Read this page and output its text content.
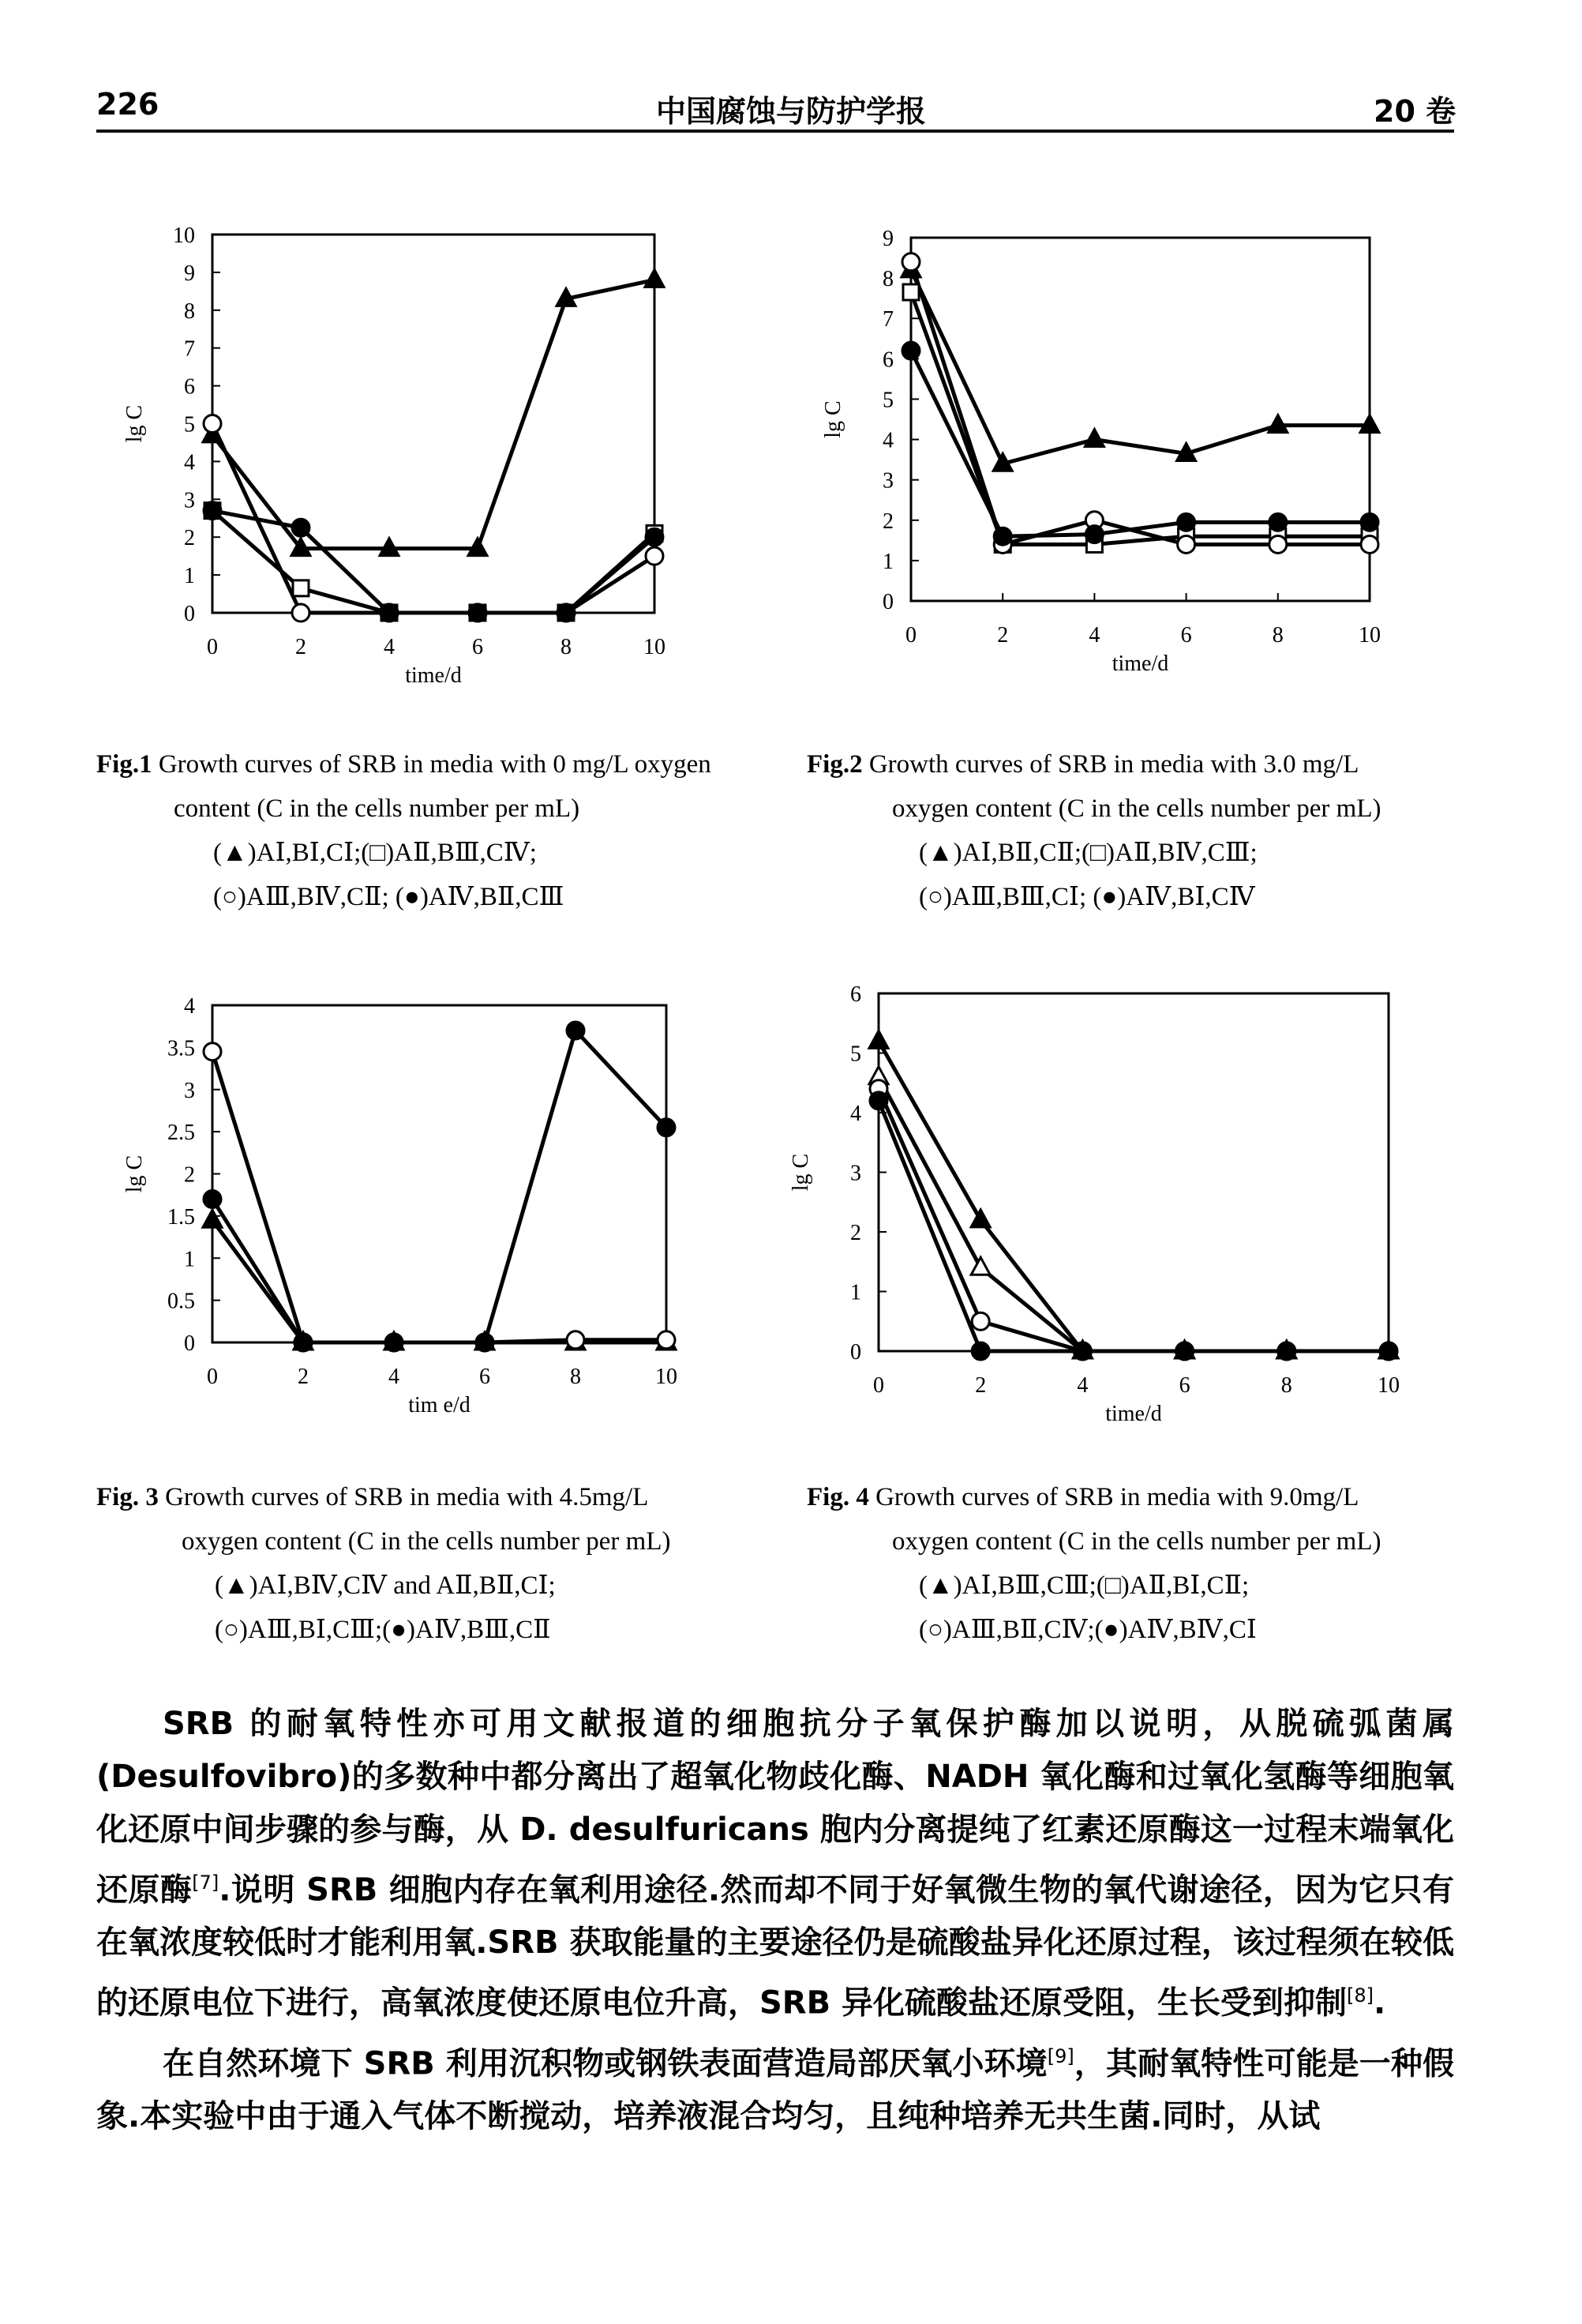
226	中国腐蚀与防护学报	20 卷
0
1
2
3
4
5
6
7
8
9
10
0	2	4	6	8	10
time/d
lg C
0
1
2
3
4
5
6
7
8
9
0	2	4	6	8	10
time/d
lg C
0
0.5
1
1.5
2
2.5
3
3.5
4
0	2	4	6	8	10
tim e/d
lg C
0
1
2
3
4
5
6
0	2	4	6	8	10
time/d
lg C
Fig.1 Growth curves of SRB in media with 0 mg/L oxygen
content (C in the cells number per mL)
(▲)AⅠ,BⅠ,CⅠ;(□)AⅡ,BⅢ,CⅣ;
(○)AⅢ,BⅣ,CⅡ; (●)AⅣ,BⅡ,CⅢ
Fig.2 Growth curves of SRB in media with 3.0 mg/L
oxygen content (C in the cells number per mL)
(▲)AⅠ,BⅡ,CⅡ;(□)AⅡ,BⅣ,CⅢ;
(○)AⅢ,BⅢ,CⅠ; (●)AⅣ,BⅠ,CⅣ
Fig. 3 Growth curves of SRB in media with 4.5mg/L
oxygen content (C in the cells number per mL)
(▲)AⅠ,BⅣ,CⅣ and AⅡ,BⅡ,CⅠ;
(○)AⅢ,BⅠ,CⅢ;(●)AⅣ,BⅢ,CⅡ
Fig. 4 Growth curves of SRB in media with 9.0mg/L
oxygen content (C in the cells number per mL)
(▲)AⅠ,BⅢ,CⅢ;(□)AⅡ,BⅠ,CⅡ;
(○)AⅢ,BⅡ,CⅣ;(●)AⅣ,BⅣ,CⅠ

SRB 的耐氧特性亦可用文献报道的细胞抗分子氧保护酶加以说明，从脱硫弧菌属(Desulfovibro)的多数种中都分离出了超氧化物歧化酶、NADH 氧化酶和过氧化氢酶等细胞氧化还原中间步骤的参与酶，从 D. desulfuricans 胞内分离提纯了红素还原酶这一过程末端氧化还原酶[7].说明 SRB 细胞内存在氧利用途径.然而却不同于好氧微生物的氧代谢途径，因为它只有在氧浓度较低时才能利用氧.SRB 获取能量的主要途径仍是硫酸盐异化还原过程，该过程须在较低的还原电位下进行，高氧浓度使还原电位升高，SRB 异化硫酸盐还原受阻，生长受到抑制[8].

在自然环境下 SRB 利用沉积物或钢铁表面营造局部厌氧小环境[9]，其耐氧特性可能是一种假象.本实验中由于通入气体不断搅动，培养液混合均匀，且纯种培养无共生菌.同时，从试
